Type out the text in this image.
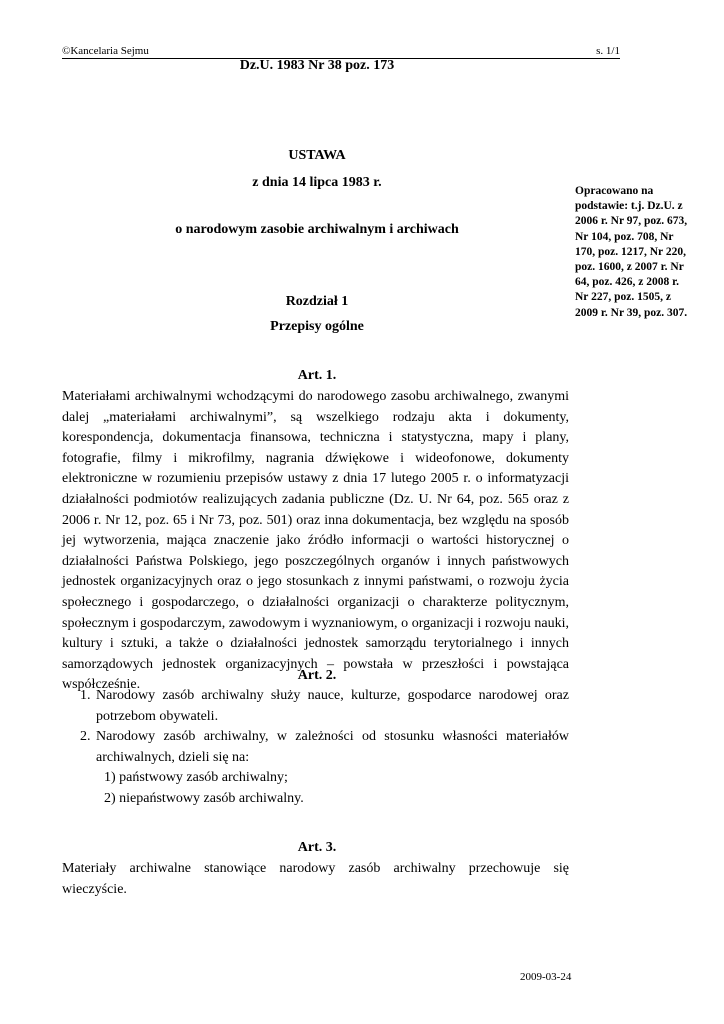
©Kancelaria Sejmu	s. 1/1
Dz.U. 1983 Nr 38 poz. 173
USTAWA
z dnia 14 lipca 1983 r.
o narodowym zasobie archiwalnym i archiwach
Opracowano na podstawie: t.j. Dz.U. z 2006 r. Nr 97, poz. 673, Nr 104, poz. 708, Nr 170, poz. 1217, Nr 220, poz. 1600, z 2007 r. Nr 64, poz. 426, z 2008 r. Nr 227, poz. 1505, z 2009 r. Nr 39, poz. 307.
Rozdział 1
Przepisy ogólne
Art. 1.
Materiałami archiwalnymi wchodzącymi do narodowego zasobu archiwalnego, zwanymi dalej „materiałami archiwalnymi”, są wszelkiego rodzaju akta i dokumenty, korespondencja, dokumentacja finansowa, techniczna i statystyczna, mapy i plany, fotografie, filmy i mikrofilmy, nagrania dźwiękowe i wideofonowe, dokumenty elektroniczne w rozumieniu przepisów ustawy z dnia 17 lutego 2005 r. o informatyzacji działalności podmiotów realizujących zadania publiczne (Dz. U. Nr 64, poz. 565 oraz z 2006 r. Nr 12, poz. 65 i Nr 73, poz. 501) oraz inna dokumentacja, bez względu na sposób jej wytworzenia, mająca znaczenie jako źródło informacji o wartości historycznej o działalności Państwa Polskiego, jego poszczególnych organów i innych państwowych jednostek organizacyjnych oraz o jego stosunkach z innymi państwami, o rozwoju życia społecznego i gospodarczego, o działalności organizacji o charakterze politycznym, społecznym i gospodarczym, zawodowym i wyznaniowym, o organizacji i rozwoju nauki, kultury i sztuki, a także o działalności jednostek samorządu terytorialnego i innych samorządowych jednostek organizacyjnych – powstała w przeszłości i powstająca współcześnie.
Art. 2.
1. Narodowy zasób archiwalny służy nauce, kulturze, gospodarce narodowej oraz potrzebom obywateli.
2. Narodowy zasób archiwalny, w zależności od stosunku własności materiałów archiwalnych, dzieli się na:
1) państwowy zasób archiwalny;
2) niepaństwowy zasób archiwalny.
Art. 3.
Materiały archiwalne stanowiące narodowy zasób archiwalny przechowuje się wieczyście.
2009-03-24
